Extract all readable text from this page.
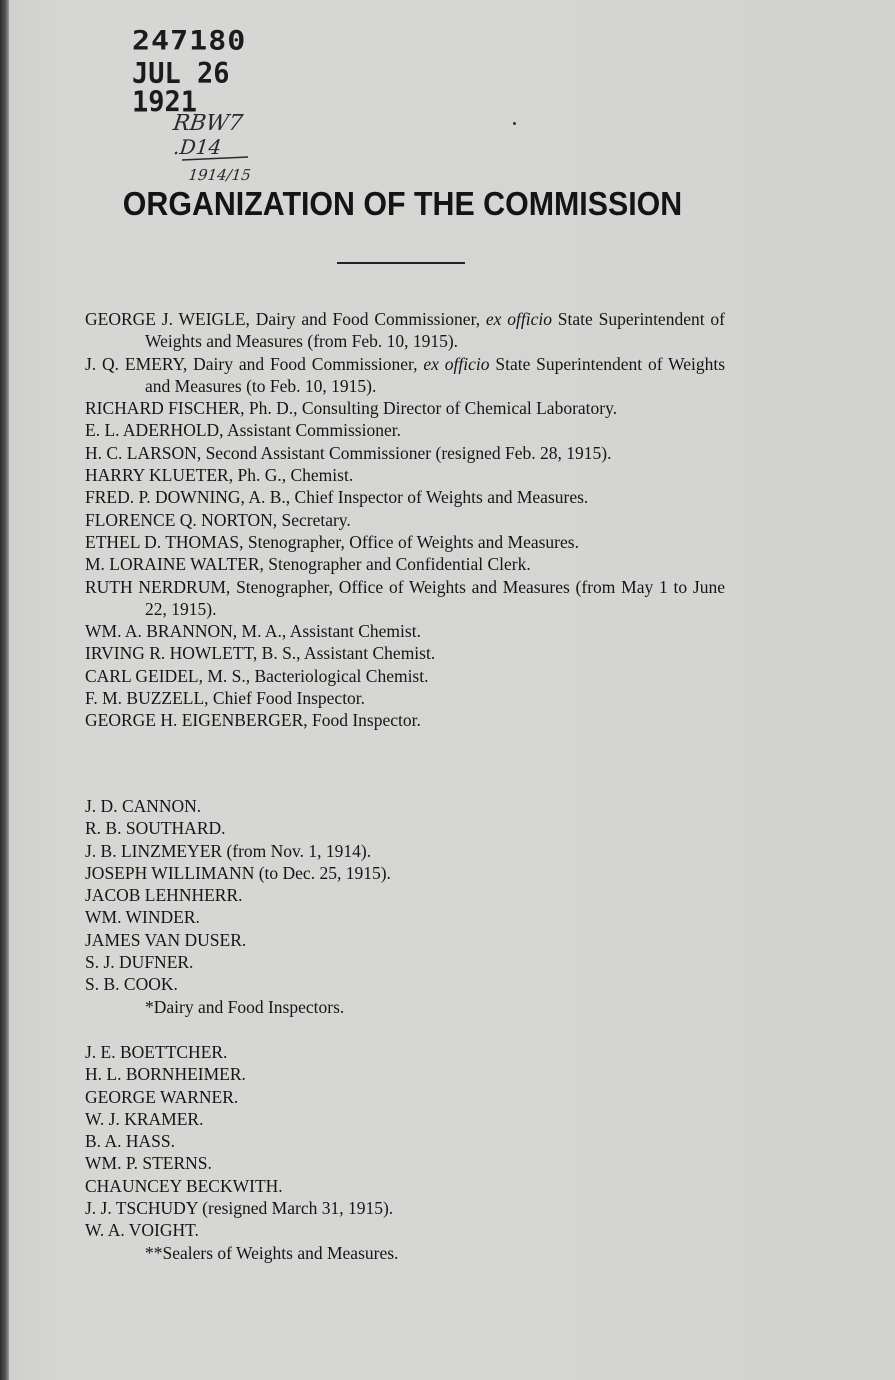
247180
JUL 26 1921
RBW7
.D14
1914/15
ORGANIZATION OF THE COMMISSION

GEORGE J. WEIGLE, Dairy and Food Commissioner, ex officio State Superintendent of Weights and Measures (from Feb. 10, 1915).

J. Q. EMERY, Dairy and Food Commissioner, ex officio State Superintendent of Weights and Measures (to Feb. 10, 1915).

RICHARD FISCHER, Ph. D., Consulting Director of Chemical Laboratory.

E. L. ADERHOLD, Assistant Commissioner.

H. C. LARSON, Second Assistant Commissioner (resigned Feb. 28, 1915).

HARRY KLUETER, Ph. G., Chemist.

FRED. P. DOWNING, A. B., Chief Inspector of Weights and Measures.

FLORENCE Q. NORTON, Secretary.

ETHEL D. THOMAS, Stenographer, Office of Weights and Measures.

M. LORAINE WALTER, Stenographer and Confidential Clerk.

RUTH NERDRUM, Stenographer, Office of Weights and Measures (from May 1 to June 22, 1915).

WM. A. BRANNON, M. A., Assistant Chemist.

IRVING R. HOWLETT, B. S., Assistant Chemist.

CARL GEIDEL, M. S., Bacteriological Chemist.

F. M. BUZZELL, Chief Food Inspector.

GEORGE H. EIGENBERGER, Food Inspector.

J. D. CANNON.

R. B. SOUTHARD.

J. B. LINZMEYER (from Nov. 1, 1914).

JOSEPH WILLIMANN (to Dec. 25, 1915).

JACOB LEHNHERR.

WM. WINDER.

JAMES VAN DUSER.

S. J. DUFNER.

S. B. COOK.

*Dairy and Food Inspectors.

J. E. BOETTCHER.

H. L. BORNHEIMER.

GEORGE WARNER.

W. J. KRAMER.

B. A. HASS.

WM. P. STERNS.

CHAUNCEY BECKWITH.

J. J. TSCHUDY (resigned March 31, 1915).

W. A. VOIGHT.

**Sealers of Weights and Measures.
